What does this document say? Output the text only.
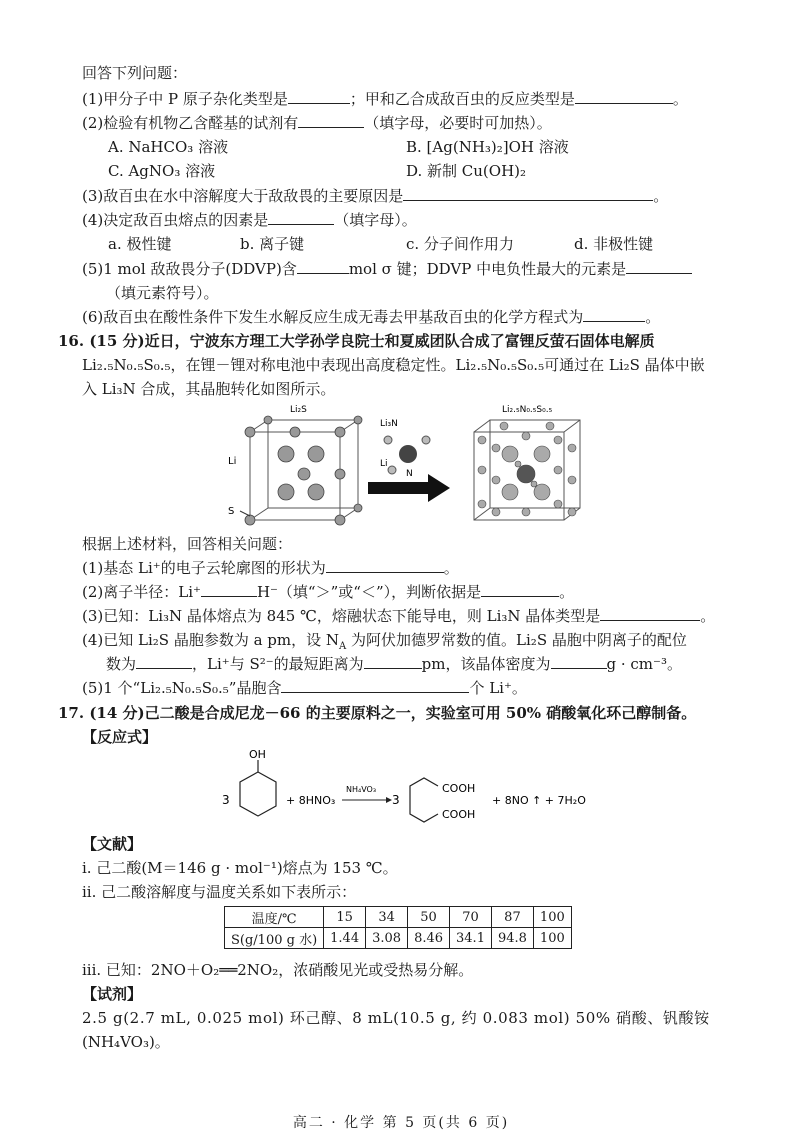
回答下列问题：
(1)甲分子中 P 原子杂化类型是	；甲和乙合成敌百虫的反应类型是	。
(2)检验有机物乙含醛基的试剂有	（填字母，必要时可加热）。
A. NaHCO₃ 溶液	B. [Ag(NH₃)₂]OH 溶液
C. AgNO₃ 溶液	D. 新制 Cu(OH)₂
(3)敌百虫在水中溶解度大于敌敌畏的主要原因是	。
(4)决定敌百虫熔点的因素是	（填字母）。
a. 极性键	b. 离子键	c. 分子间作用力	d. 非极性键
(5)1 mol 敌敌畏分子(DDVP)含	mol σ 键；DDVP 中电负性最大的元素是
（填元素符号）。
(6)敌百虫在酸性条件下发生水解反应生成无毒去甲基敌百虫的化学方程式为	。
16. (15 分)近日，宁波东方理工大学孙学良院士和夏威团队合成了富锂反萤石固体电解质
Li₂.₅N₀.₅S₀.₅，在锂－锂对称电池中表现出高度稳定性。Li₂.₅N₀.₅S₀.₅可通过在 Li₂S 晶体中嵌
入 Li₃N 合成，其晶胞转化如图所示。
Li₂S
Li
S
Li₃N
Li
N
Li₂.₅N₀.₅S₀.₅
根据上述材料，回答相关问题：
(1)基态 Li⁺的电子云轮廓图的形状为	。
(2)离子半径：Li⁺	H⁻（填“＞”或“＜”），判断依据是	。
(3)已知：Li₃N 晶体熔点为 845 ℃，熔融状态下能导电，则 Li₃N 晶体类型是	。
(4)已知 Li₂S 晶胞参数为 a pm，设 $N_A$ 为阿伏加德罗常数的值。Li₂S 晶胞中阴离子的配位
数为	，Li⁺与 S²⁻的最短距离为	pm，该晶体密度为	g · cm⁻³。
(5)1 个“Li₂.₅N₀.₅S₀.₅”晶胞含	个 Li⁺。
17. (14 分)己二酸是合成尼龙－66 的主要原料之一，实验室可用 50% 硝酸氧化环己醇制备。
【反应式】
3
OH
+ 8HNO₃
NH₄VO₃
3
COOH
COOH
+ 8NO ↑ + 7H₂O
【文献】
i. 己二酸(M＝146 g · mol⁻¹)熔点为 153 ℃。
ii. 己二酸溶解度与温度关系如下表所示：
温度/℃	15	34	50	70	87	100
S(g/100 g 水)	1.44	3.08	8.46	34.1	94.8	100
iii. 已知：2NO＋O₂══2NO₂，浓硝酸见光或受热易分解。
【试剂】
2.5 g(2.7 mL, 0.025 mol) 环己醇、8 mL(10.5 g, 约 0.083 mol) 50% 硝酸、钒酸铵
(NH₄VO₃)。
高二 · 化学 第 5 页(共 6 页)
